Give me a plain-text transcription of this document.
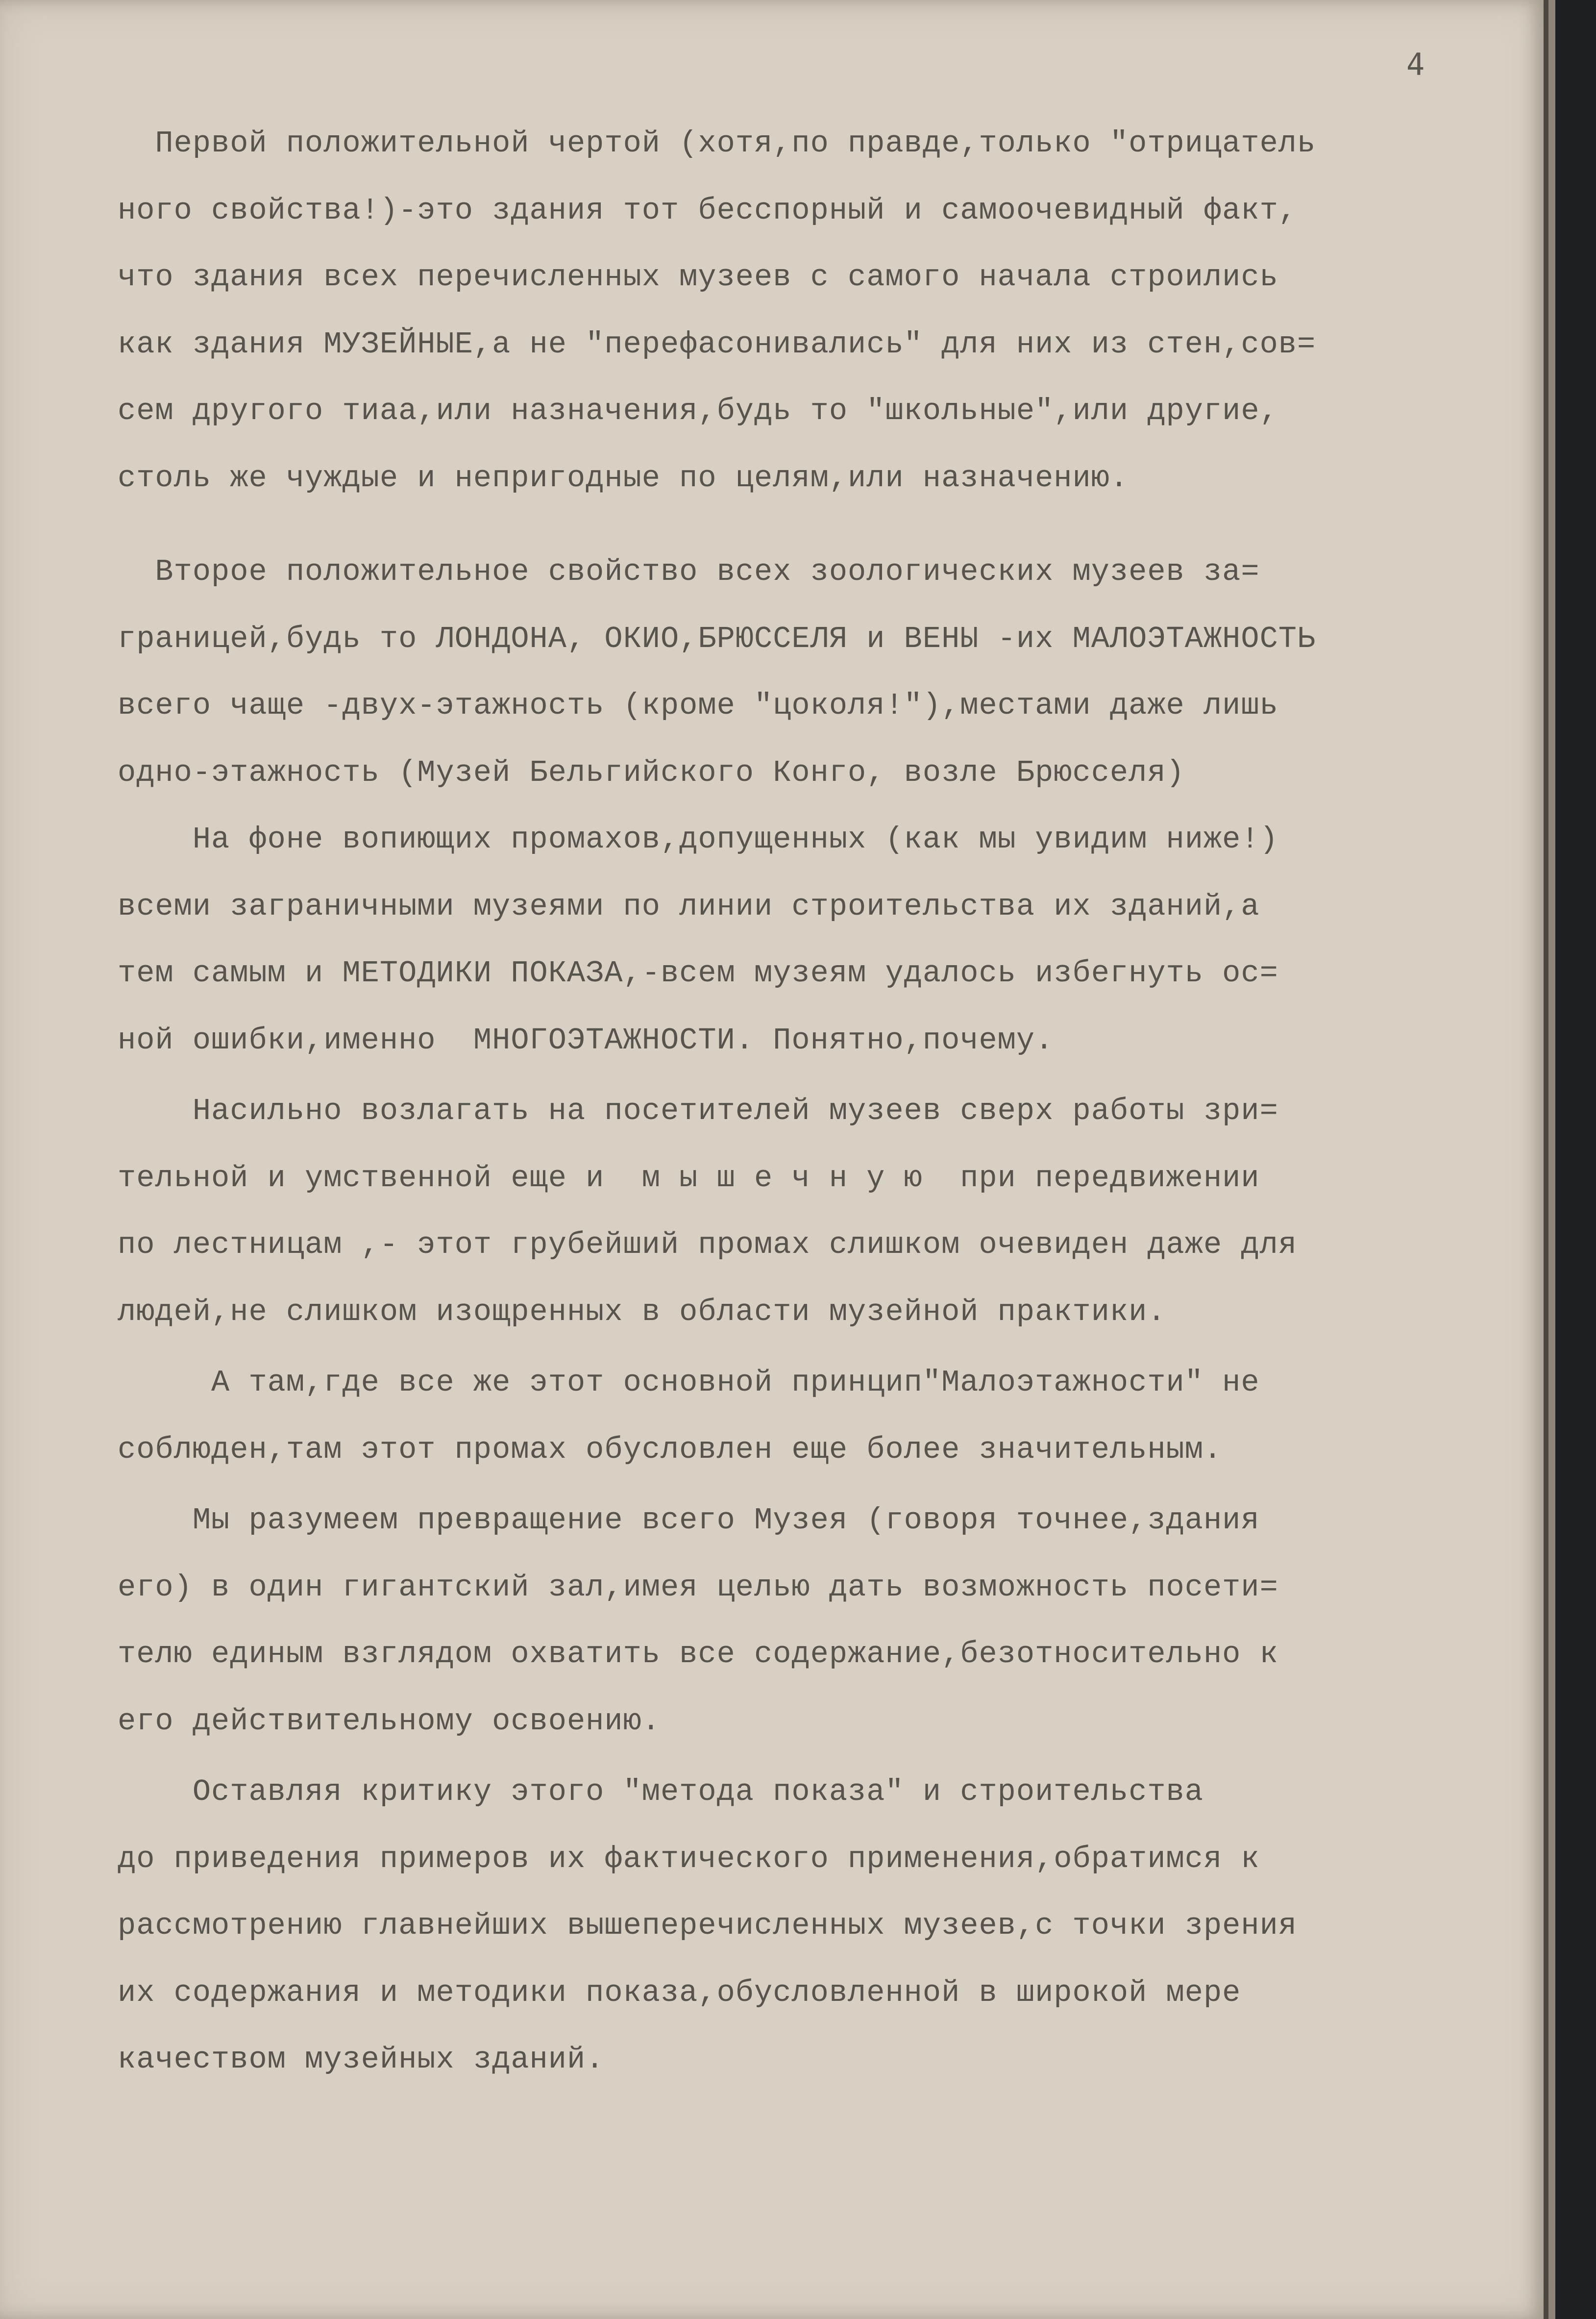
4
Первой положительной чертой (хотя,по правде,только "отрицатель
ного свойства!)-это здания тот бесспорный и самоочевидный факт,
что здания всех перечисленных музеев с самого начала строились
как здания МУЗЕЙНЫЕ,а не "перефасонивались" для них из стен,сов=
сем другого тиаа,или назначения,будь то "школьные",или другие,
столь же чуждые и непригодные по целям,или назначению.
Второе положительное свойство всех зоологических музеев за=
границей,будь то ЛОНДОНА, ОКИО,БРЮССЕЛЯ и ВЕНЫ -их МАЛОЭТАЖНОСТЬ
всего чаще -двух-этажность (кроме "цоколя!"),местами даже лишь
одно-этажность (Музей Бельгийского Конго, возле Брюсселя)
На фоне вопиющих промахов,допущенных (как мы увидим ниже!)
всеми заграничными музеями по линии строительства их зданий,а
тем самым и МЕТОДИКИ ПОКАЗА,-всем музеям удалось избегнуть ос=
ной ошибки,именно  МНОГОЭТАЖНОСТИ. Понятно,почему.
Насильно возлагать на посетителей музеев сверх работы зри=
тельной и умственной еще и  м ы ш е ч н у ю  при передвижении
по лестницам ,- этот грубейший промах слишком очевиден даже для
людей,не слишком изощренных в области музейной практики.
А там,где все же этот основной принцип"Малоэтажности" не
соблюден,там этот промах обусловлен еще более значительным.
Мы разумеем превращение всего Музея (говоря точнее,здания
его) в один гигантский зал,имея целью дать возможность посети=
телю единым взглядом охватить все содержание,безотносительно к
его действительному освоению.
Оставляя критику этого "метода показа" и строительства
до приведения примеров их фактического применения,обратимся к
рассмотрению главнейших вышеперечисленных музеев,с точки зрения
их содержания и методики показа,обусловленной в широкой мере
качеством музейных зданий.
